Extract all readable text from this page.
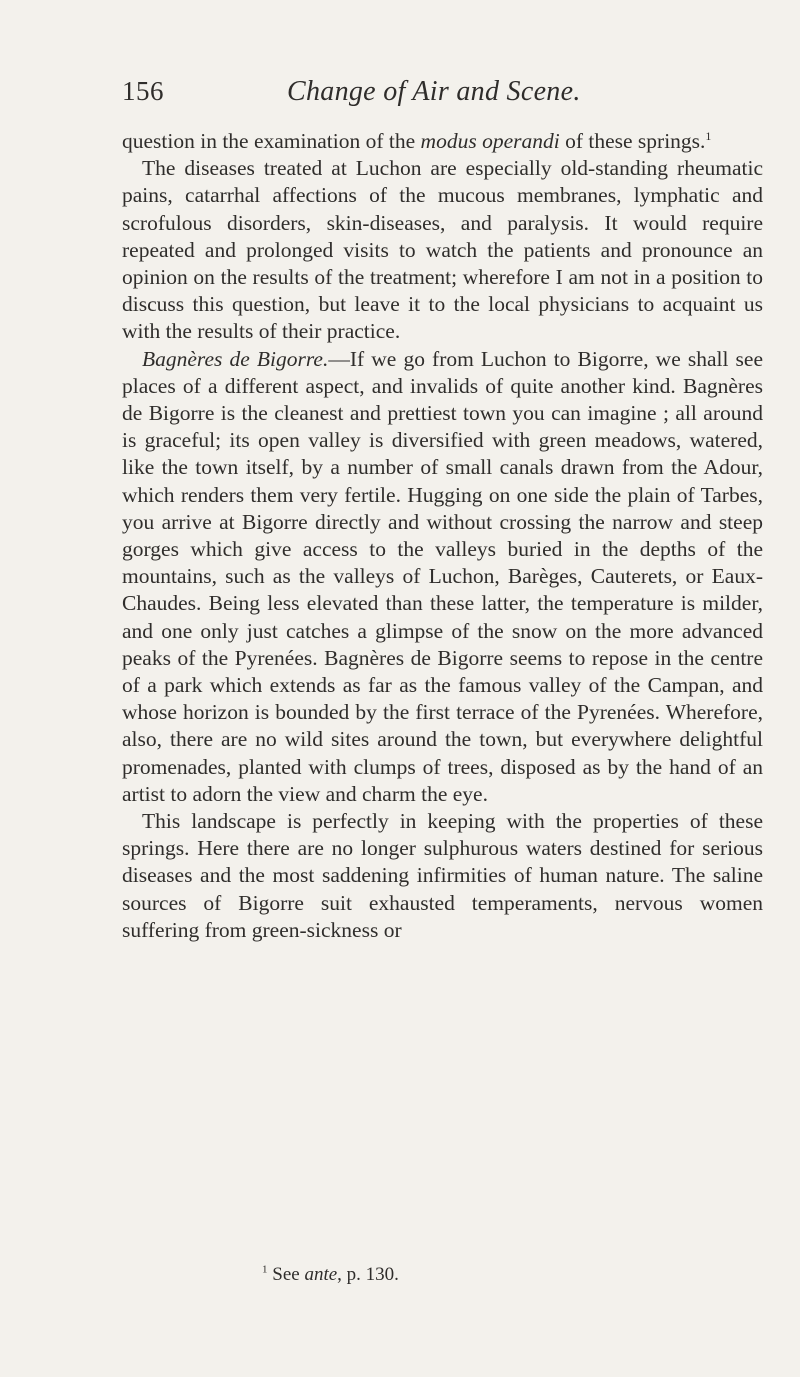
156	Change of Air and Scene.

question in the examination of the modus operandi of these springs.$^1$

The diseases treated at Luchon are especially old-standing rheumatic pains, catarrhal affections of the mucous membranes, lymphatic and scrofulous disorders, skin-diseases, and paralysis. It would require repeated and prolonged visits to watch the patients and pronounce an opinion on the results of the treatment; wherefore I am not in a position to discuss this question, but leave it to the local physicians to acquaint us with the results of their practice.

Bagnères de Bigorre.—If we go from Luchon to Bigorre, we shall see places of a different aspect, and invalids of quite another kind. Bagnères de Bigorre is the cleanest and prettiest town you can imagine ; all around is graceful; its open valley is diversified with green meadows, watered, like the town itself, by a number of small canals drawn from the Adour, which renders them very fertile. Hugging on one side the plain of Tarbes, you arrive at Bigorre directly and without crossing the narrow and steep gorges which give access to the valleys buried in the depths of the mountains, such as the valleys of Luchon, Barèges, Cauterets, or Eaux-Chaudes. Being less elevated than these latter, the temperature is milder, and one only just catches a glimpse of the snow on the more advanced peaks of the Pyrenées. Bagnères de Bigorre seems to repose in the centre of a park which extends as far as the famous valley of the Campan, and whose horizon is bounded by the first terrace of the Pyrenées. Wherefore, also, there are no wild sites around the town, but everywhere delightful promenades, planted with clumps of trees, disposed as by the hand of an artist to adorn the view and charm the eye.

This landscape is perfectly in keeping with the properties of these springs. Here there are no longer sulphurous waters destined for serious diseases and the most saddening infirmities of human nature. The saline sources of Bigorre suit exhausted temperaments, nervous women suffering from green-sickness or

$^1$ See ante, p. 130.
